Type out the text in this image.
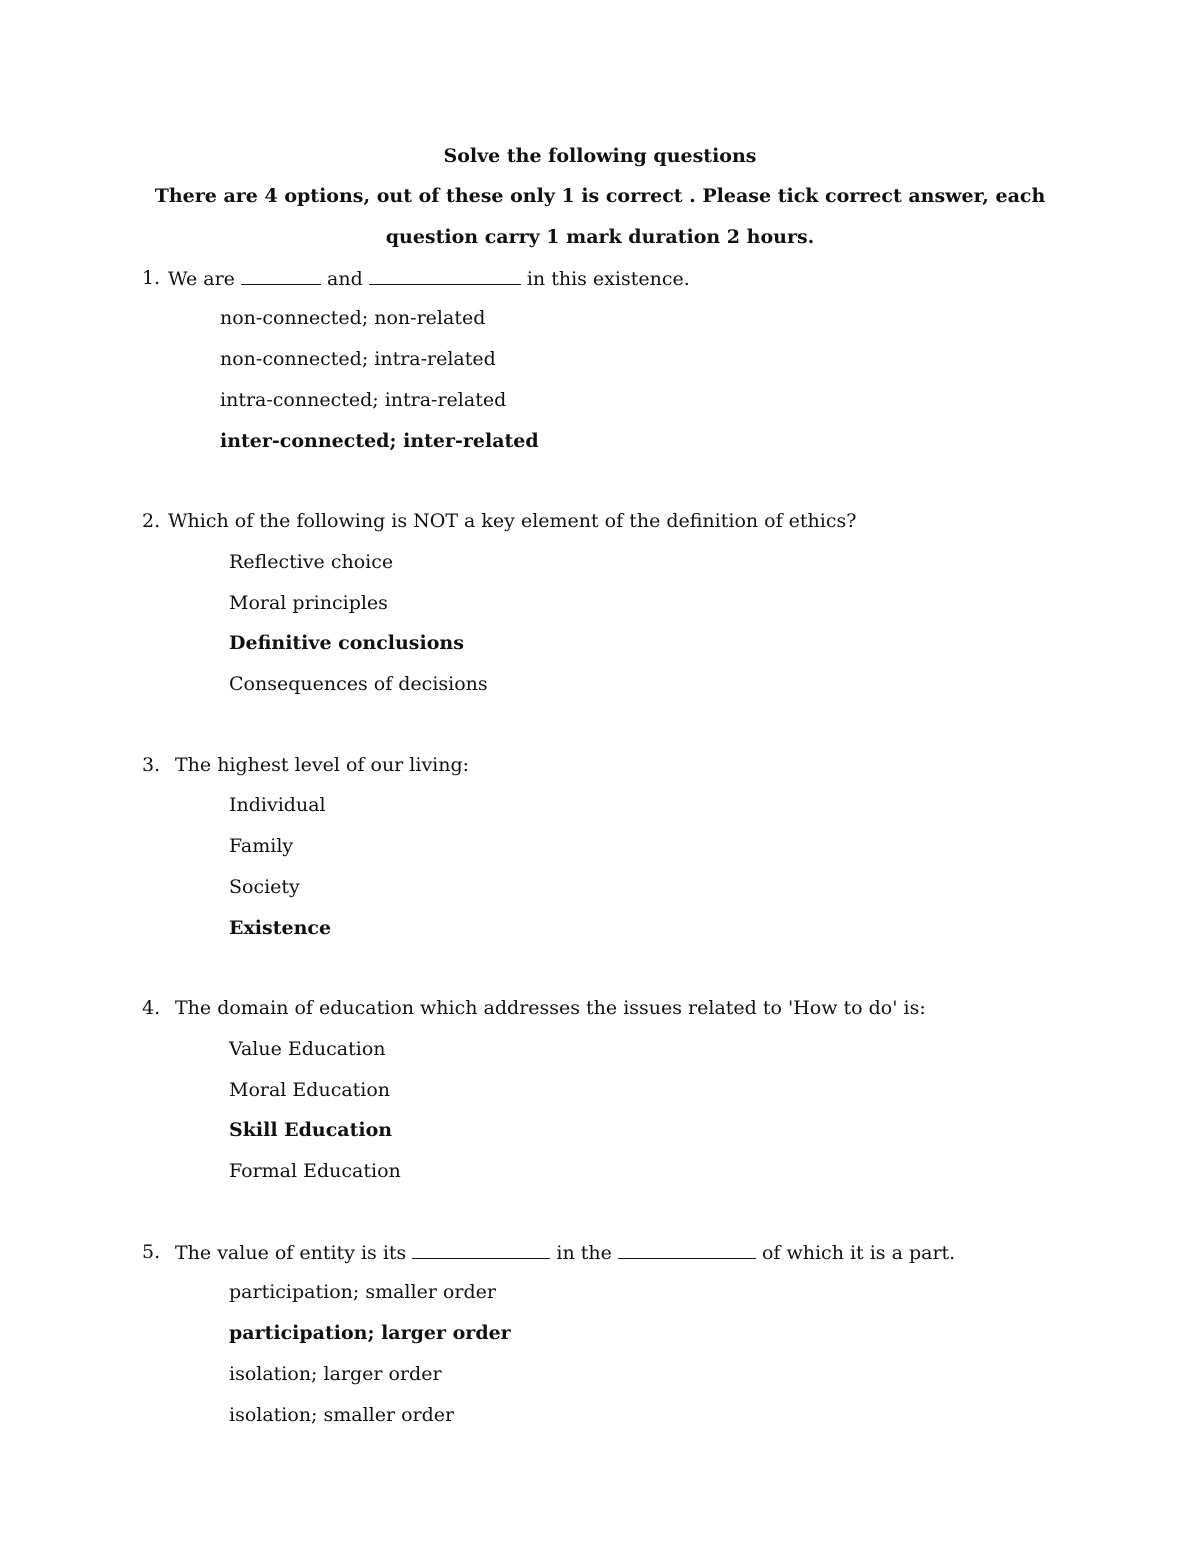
Solve the following questions
There are 4 options, out of these only 1 is correct . Please tick correct answer, each
question carry 1 mark duration 2 hours.
1. We are	and	in this existence.
non-connected; non-related
non-connected; intra-related
intra-connected; intra-related
inter-connected; inter-related
2. Which of the following is NOT a key element of the definition of ethics?
Reflective choice
Moral principles
Definitive conclusions
Consequences of decisions
3. The highest level of our living:
Individual
Family
Society
Existence
4. The domain of education which addresses the issues related to 'How to do' is:
Value Education
Moral Education
Skill Education
Formal Education
5. The value of entity is its	in the	of which it is a part.
participation; smaller order
participation; larger order
isolation; larger order
isolation; smaller order
